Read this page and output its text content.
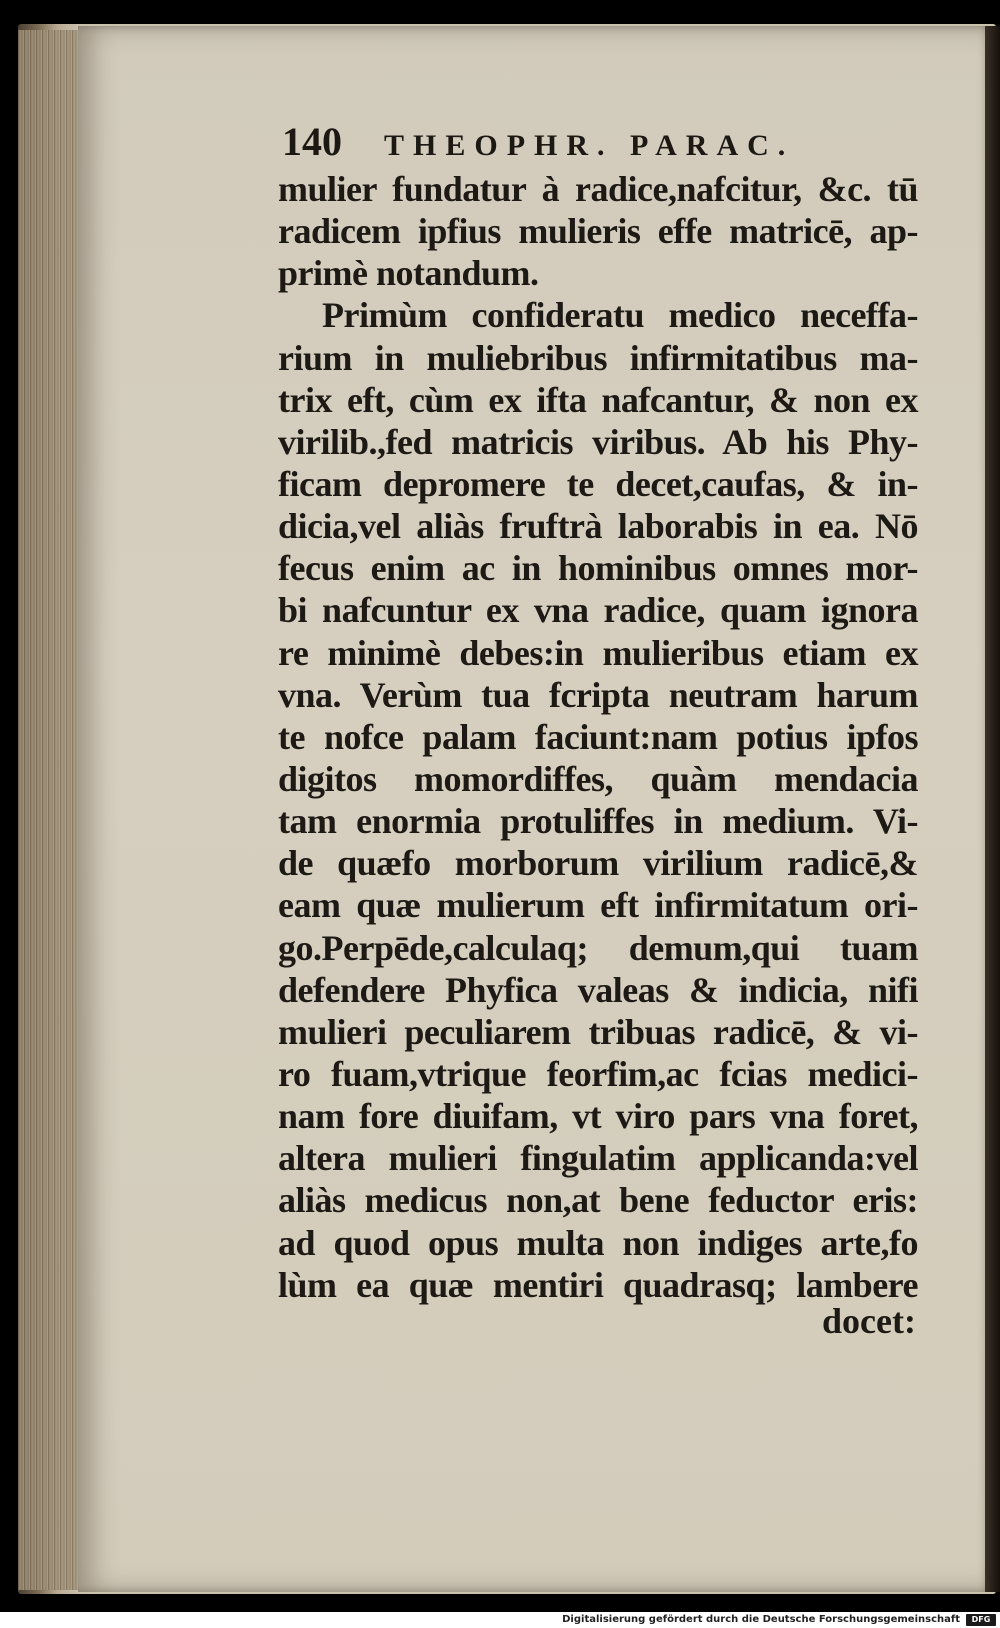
140 THEOPHR. PARAC.
mulier fundatur à radice,nafcitur, &c. tū
radicem ipfius mulieris effe matricē, ap-
primè notandum.
Primùm confideratu medico neceffa-
rium in muliebribus infirmitatibus ma-
trix eft, cùm ex ifta nafcantur, & non ex
virilib.,fed matricis viribus. Ab his Phy-
ficam depromere te decet,caufas, & in-
dicia,vel aliàs fruftrà laborabis in ea. Nō
fecus enim ac in hominibus omnes mor-
bi nafcuntur ex vna radice, quam ignora
re minimè debes:in mulieribus etiam ex
vna. Verùm tua fcripta neutram harum
te nofce palam faciunt:nam potius ipfos
digitos momordiffes, quàm mendacia
tam enormia protuliffes in medium. Vi-
de quæfo morborum virilium radicē,&
eam quæ mulierum eft infirmitatum ori-
go.Perpēde,calculaq; demum,qui tuam
defendere Phyfica valeas & indicia, nifi
mulieri peculiarem tribuas radicē, & vi-
ro fuam,vtrique feorfim,ac fcias medici-
nam fore diuifam, vt viro pars vna foret,
altera mulieri fingulatim applicanda:vel
aliàs medicus non,at bene feductor eris:
ad quod opus multa non indiges arte,fo
lùm ea quæ mentiri quadrasq; lambere
docet:
Digitalisierung gefördert durch die Deutsche Forschungsgemeinschaft	DFG
